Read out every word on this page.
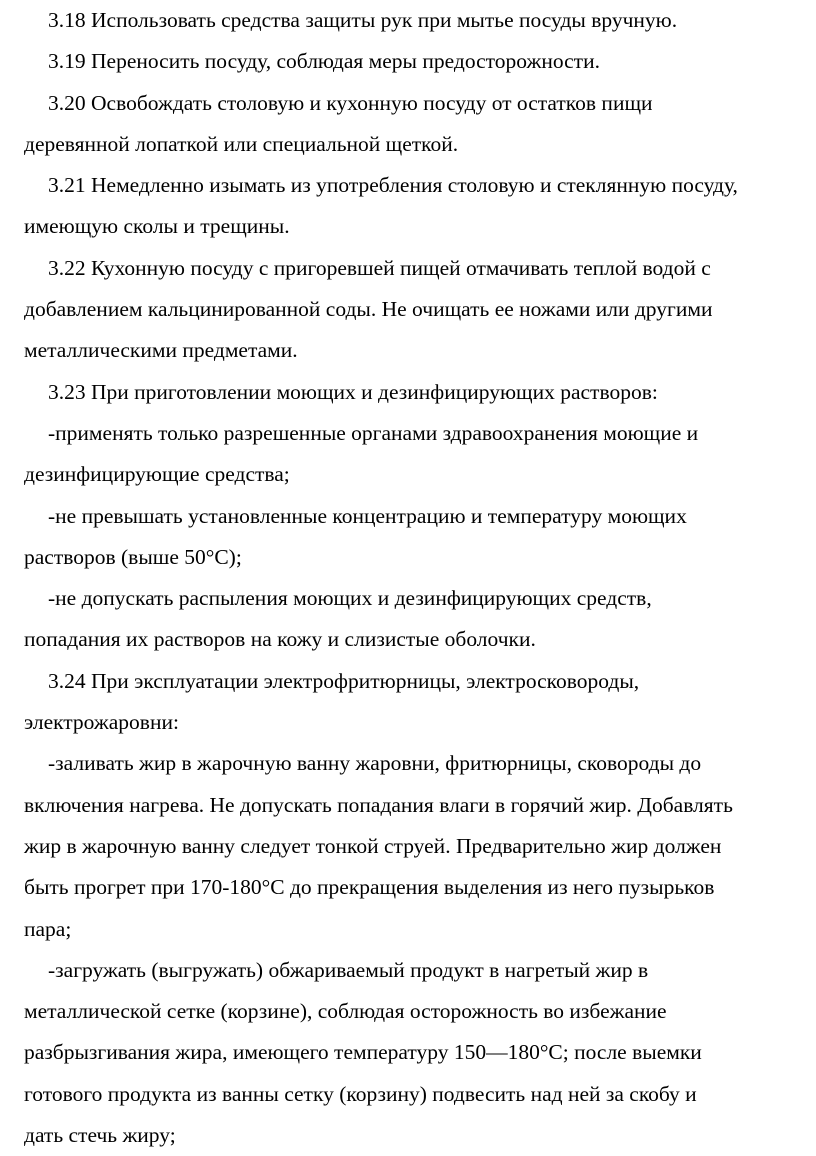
3.18 Использовать средства защиты рук при мытье посуды вручную.
3.19 Переносить посуду, соблюдая меры предосторожности.
3.20 Освобождать столовую и кухонную посуду от остатков пищи
деревянной лопаткой или специальной щеткой.
3.21 Немедленно изымать из употребления столовую и стеклянную посуду,
имеющую сколы и трещины.
3.22 Кухонную посуду с пригоревшей пищей отмачивать теплой водой с
добавлением кальцинированной соды. Не очищать ее ножами или другими
металлическими предметами.
3.23 При приготовлении моющих и дезинфицирующих растворов:
-применять только разрешенные органами здравоохранения моющие и
дезинфицирующие средства;
-не превышать установленные концентрацию и температуру моющих
растворов (выше 50°С);
-не допускать распыления моющих и дезинфицирующих средств,
попадания их растворов на кожу и слизистые оболочки.
3.24 При эксплуатации электрофритюрницы, электросковороды,
электрожаровни:
-заливать жир в жарочную ванну жаровни, фритюрницы, сковороды до
включения нагрева. Не допускать попадания влаги в горячий жир. Добавлять
жир в жарочную ванну следует тонкой струей. Предварительно жир должен
быть прогрет при 170-180°С до прекращения выделения из него пузырьков
пара;
-загружать (выгружать) обжариваемый продукт в нагретый жир в
металлической сетке (корзине), соблюдая осторожность во избежание
разбрызгивания жира, имеющего температуру 150—180°С; после выемки
готового продукта из ванны сетку (корзину) подвесить над ней за скобу и
дать стечь жиру;
